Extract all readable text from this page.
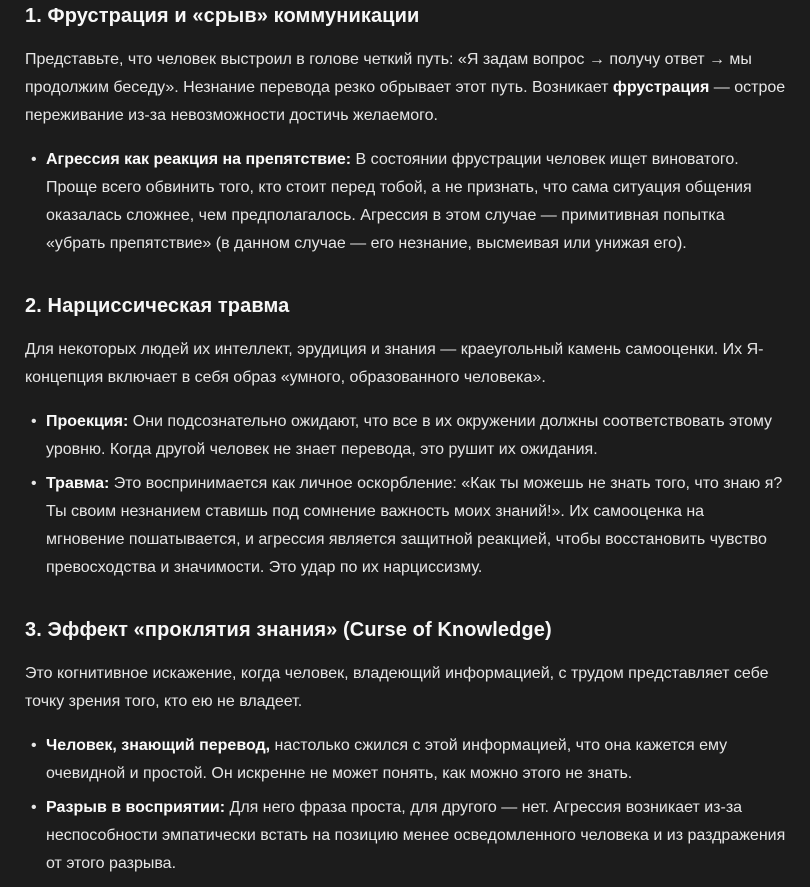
1. Фрустрация и «срыв» коммуникации

Представьте, что человек выстроил в голове четкий путь: «Я задам вопрос → получу ответ → мы продолжим беседу». Незнание перевода резко обрывает этот путь. Возникает фрустрация — острое переживание из-за невозможности достичь желаемого.

• Агрессия как реакция на препятствие: В состоянии фрустрации человек ищет виноватого. Проще всего обвинить того, кто стоит перед тобой, а не признать, что сама ситуация общения оказалась сложнее, чем предполагалось. Агрессия в этом случае — примитивная попытка «убрать препятствие» (в данном случае — его незнание, высмеивая или унижая его).
2. Нарциссическая травма

Для некоторых людей их интеллект, эрудиция и знания — краеугольный камень самооценки. Их Я-концепция включает в себя образ «умного, образованного человека».

• Проекция: Они подсознательно ожидают, что все в их окружении должны соответствовать этому уровню. Когда другой человек не знает перевода, это рушит их ожидания.
• Травма: Это воспринимается как личное оскорбление: «Как ты можешь не знать того, что знаю я? Ты своим незнанием ставишь под сомнение важность моих знаний!». Их самооценка на мгновение пошатывается, и агрессия является защитной реакцией, чтобы восстановить чувство превосходства и значимости. Это удар по их нарциссизму.
3. Эффект «проклятия знания» (Curse of Knowledge)

Это когнитивное искажение, когда человек, владеющий информацией, с трудом представляет себе точку зрения того, кто ею не владеет.

• Человек, знающий перевод, настолько сжился с этой информацией, что она кажется ему очевидной и простой. Он искренне не может понять, как можно этого не знать.
• Разрыв в восприятии: Для него фраза проста, для другого — нет. Агрессия возникает из-за неспособности эмпатически встать на позицию менее осведомленного человека и из раздражения от этого разрыва.
